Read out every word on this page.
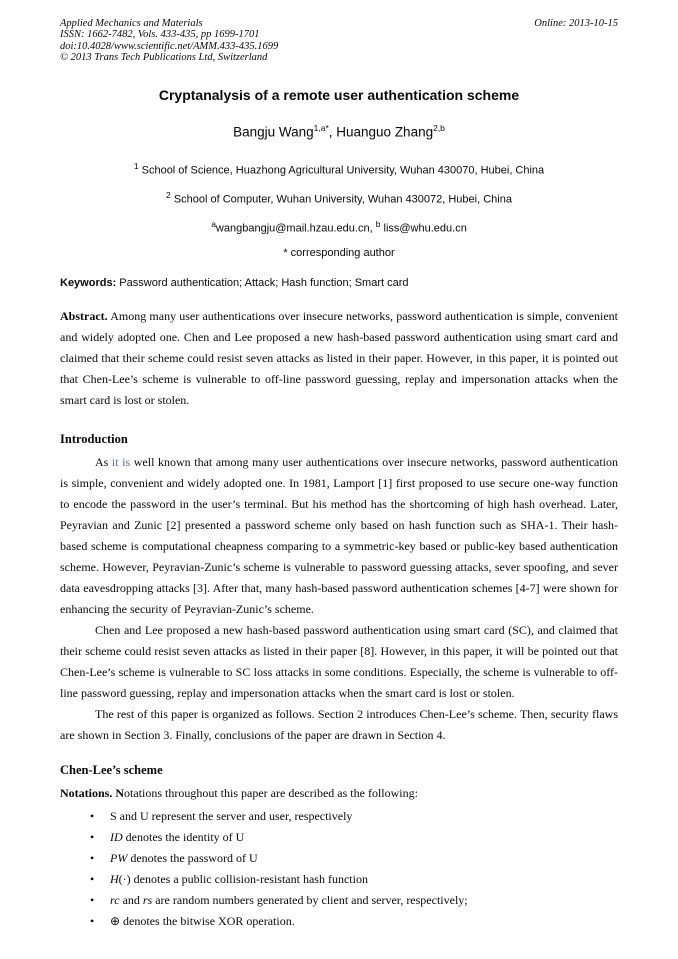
Applied Mechanics and Materials
ISSN: 1662-7482, Vols. 433-435, pp 1699-1701
doi:10.4028/www.scientific.net/AMM.433-435.1699
© 2013 Trans Tech Publications Ltd, Switzerland
Online: 2013-10-15
Cryptanalysis of a remote user authentication scheme
Bangju Wang$^{1,a*}$, Huanguo Zhang$^{2,b}$
$^1$ School of Science, Huazhong Agricultural University, Wuhan 430070, Hubei, China
$^2$ School of Computer, Wuhan University, Wuhan 430072, Hubei, China
$^a$wangbangju@mail.hzau.edu.cn, $^b$ liss@whu.edu.cn
* corresponding author
Keywords: Password authentication; Attack; Hash function; Smart card

Abstract. Among many user authentications over insecure networks, password authentication is simple, convenient and widely adopted one. Chen and Lee proposed a new hash-based password authentication using smart card and claimed that their scheme could resist seven attacks as listed in their paper. However, in this paper, it is pointed out that Chen-Lee’s scheme is vulnerable to off-line password guessing, replay and impersonation attacks when the smart card is lost or stolen.

Introduction

As it is well known that among many user authentications over insecure networks, password authentication is simple, convenient and widely adopted one. In 1981, Lamport [1] first proposed to use secure one-way function to encode the password in the user’s terminal. But his method has the shortcoming of high hash overhead. Later, Peyravian and Zunic [2] presented a password scheme only based on hash function such as SHA-1. Their hash-based scheme is computational cheapness comparing to a symmetric-key based or public-key based authentication scheme. However, Peyravian-Zunic’s scheme is vulnerable to password guessing attacks, sever spoofing, and sever data eavesdropping attacks [3]. After that, many hash-based password authentication schemes [4-7] were shown for enhancing the security of Peyravian-Zunic’s scheme.

Chen and Lee proposed a new hash-based password authentication using smart card (SC), and claimed that their scheme could resist seven attacks as listed in their paper [8]. However, in this paper, it will be pointed out that Chen-Lee’s scheme is vulnerable to SC loss attacks in some conditions. Especially, the scheme is vulnerable to off-line password guessing, replay and impersonation attacks when the smart card is lost or stolen.

The rest of this paper is organized as follows. Section 2 introduces Chen-Lee’s scheme. Then, security flaws are shown in Section 3. Finally, conclusions of the paper are drawn in Section 4.

Chen-Lee’s scheme

Notations. Notations throughout this paper are described as the following:

• S and U represent the server and user, respectively
• ID denotes the identity of U
• PW denotes the password of U
• H(·) denotes a public collision-resistant hash function
• rc and rs are random numbers generated by client and server, respectively;
• ⊕ denotes the bitwise XOR operation.
